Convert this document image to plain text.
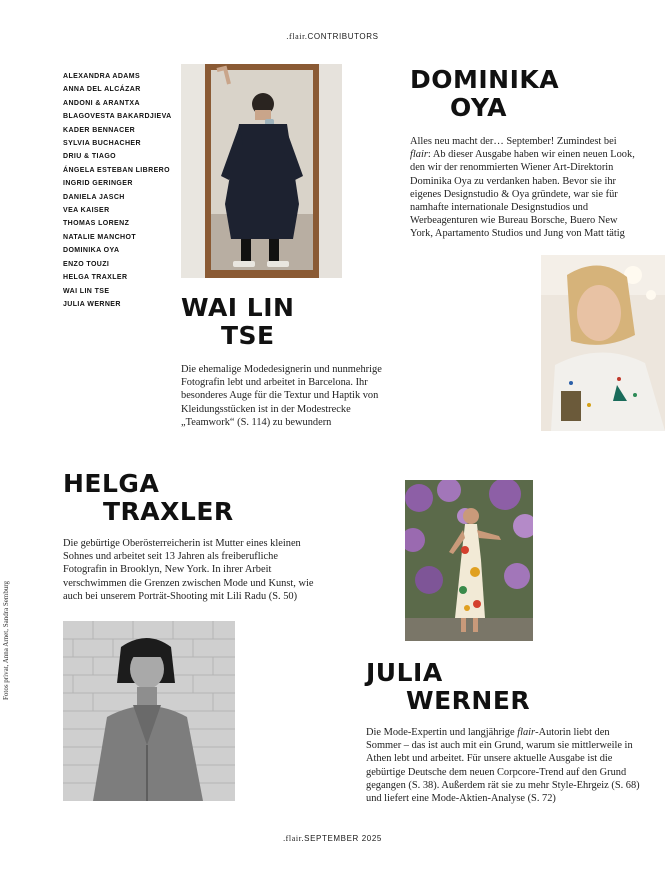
.flair.CONTRIBUTORS
ALEXANDRA ADAMS
ANNA DEL ALCÁZAR
ANDONI & ARANTXA
BLAGOVESTA BAKARDJIEVA
KADER BENNACER
SYLVIA BUCHACHER
DRIU & TIAGO
ÁNGELA ESTEBAN LIBRERO
INGRID GERINGER
DANIELA JASCH
VEA KAISER
THOMAS LORENZ
NATALIE MANCHOT
DOMINIKA OYA
ENZO TOUZI
HELGA TRAXLER
WAI LIN TSE
JULIA WERNER	WAI LIN
TSE

Die ehemalige Modedesignerin und nunmehrige Fotografin lebt und arbeitet in Barcelona. Ihr besonderes Auge für die Textur und Haptik von Kleidungsstücken ist in der Modestrecke „Teamwork“ (S. 114) zu bewundern

DOMINIKA
OYA

Alles neu macht der… September! Zumindest bei flair: Ab dieser Ausgabe haben wir einen neuen Look, den wir der renommierten Wiener Art-Direktorin Dominika Oya zu verdanken haben. Bevor sie ihr eigenes Designstudio & Oya gründete, war sie für namhafte internationale Designstudios und Werbeagenturen wie Bureau Borsche, Buero New York, Apartamento Studios und Jung von Matt tätig

HELGA
TRAXLER

Die gebürtige Oberösterreicherin ist Mutter eines kleinen Sohnes und arbeitet seit 13 Jahren als freiberufliche Fotografin in Brooklyn, New York. In ihrer Arbeit verschwimmen die Grenzen zwischen Mode und Kunst, wie auch bei unserem Porträt-Shooting mit Lili Radu (S. 50)

JULIA
WERNER

Die Mode-Expertin und langjährige flair-Autorin liebt den Sommer – das ist auch mit ein Grund, warum sie mittlerweile in Athen lebt und arbeitet. Für unsere aktuelle Ausgabe ist die gebürtige Deutsche dem neuen Corpcore-Trend auf den Grund gegangen (S. 38). Außerdem rät sie zu mehr Style-Ehrgeiz (S. 68) und liefert eine Mode-Aktien-Analyse (S. 72)

Fotos privat, Anna Arnet, Sandra Semburg
.flair.SEPTEMBER 2025
